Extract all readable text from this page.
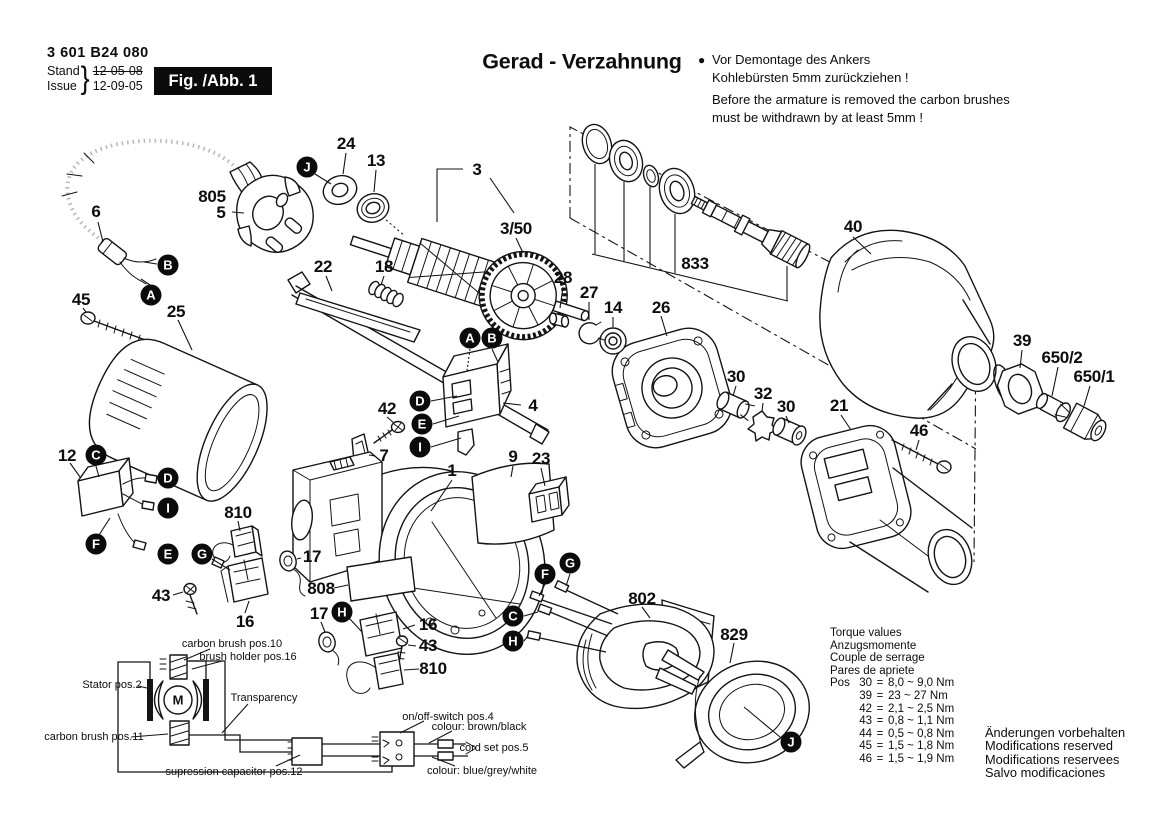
3 601 B24 080
Stand
Issue } 12-05-08
12-09-05	Fig. /Abb. 1
Gerad - Verzahnung ● Vor Demontage des Ankers
Kohlebürsten 5mm zurückziehen !
Before the armature is removed the carbon brushes
must be withdrawn by at least 5mm !
Torque values
Anzugsmomente
Couple de serrage
Pares de apriete
Pos 30 = 8,0 ~ 9,0 Nm
39 = 23 ~ 27 Nm
42 = 2,1 ~ 2,5 Nm
43 = 0,8 ~ 1,1 Nm
44 = 0,5 ~ 0,8 Nm
45 = 1,5 ~ 1,8 Nm
46 = 1,5 ~ 1,9 Nm
Änderungen vorbehalten
Modifications reserved
Modifications reservees
Salvo modificaciones
6
805
5
45
25
12
24
13	3
3/50
22	18
28
27
14 26
833
40
39
650/2
650/1
30
32
30 21
46
4
42
7
1
9 23
810
17
43
16
808
17
16
43
810
802
829
J
B
A
A B
D
E
I
C
D
I
F
E	G
G
F
C
H
H
J
carbon brush pos.10
brush holder pos.16
Stator pos.2
Transparency
carbon brush pos.11
supression capacitor pos.12
on/off-switch pos.4
colour: brown/black
cord set pos.5
colour: blue/grey/white
M
